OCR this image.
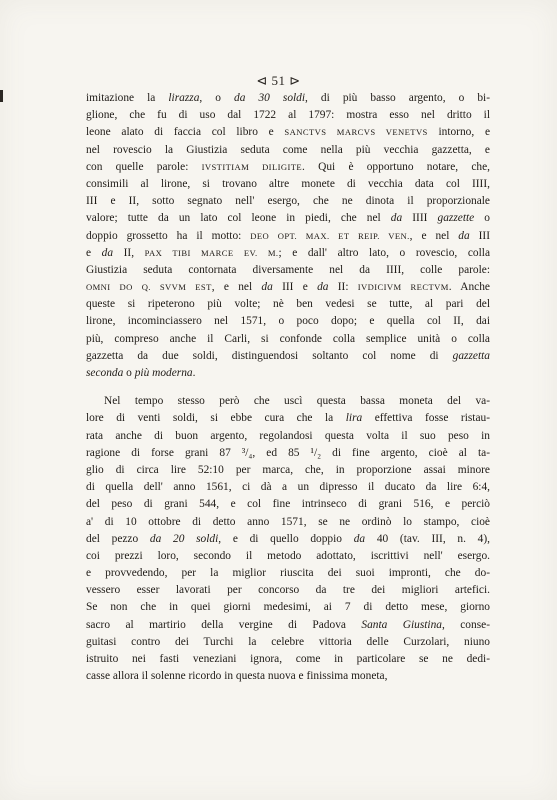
⊲ 51 ⊳
imitazione la lirazza, o da 30 soldi, di più basso argento, o bi-
glione, che fu di uso dal 1722 al 1797: mostra esso nel dritto il
leone alato di faccia col libro e SANCTVS MARCVS VENETVS intorno, e
nel rovescio la Giustizia seduta come nella più vecchia gazzetta, e
con quelle parole: IVSTITIAM DILIGITE. Qui è opportuno notare, che,
consimili al lirone, si trovano altre monete di vecchia data col IIII,
III e II, sotto segnato nell' esergo, che ne dinota il proporzionale
valore; tutte da un lato col leone in piedi, che nel da IIII gazzette o
doppio grossetto ha il motto: DEO OPT. MAX. ET REIP. VEN., e nel da III
e da II, PAX TIBI MARCE EV. M.; e dall' altro lato, o rovescio, colla
Giustizia seduta contornata diversamente nel da IIII, colle parole:
OMNI DO Q. SVVM EST, e nel da III e da II: IVDICIVM RECTVM. Anche
queste si ripeterono più volte; nè ben vedesi se tutte, al pari del
lirone, incominciassero nel 1571, o poco dopo; e quella col II, dai
più, compreso anche il Carli, si confonde colla semplice unità o colla
gazzetta da due soldi, distinguendosi soltanto col nome di gazzetta
seconda o più moderna.
Nel tempo stesso però che uscì questa bassa moneta del va-
lore di venti soldi, si ebbe cura che la lira effettiva fosse ristau-
rata anche di buon argento, regolandosi questa volta il suo peso in
ragione di forse grani 87 ³/₄, ed 85 ¹/₂ di fine argento, cioè al ta-
glio di circa lire 52:10 per marca, che, in proporzione assai minore
di quella dell' anno 1561, ci dà a un dipresso il ducato da lire 6:4,
del peso di grani 544, e col fine intrinseco di grani 516, e perciò
a' di 10 ottobre di detto anno 1571, se ne ordinò lo stampo, cioè
del pezzo da 20 soldi, e di quello doppio da 40 (tav. III, n. 4),
coi prezzi loro, secondo il metodo adottato, iscrittivi nell' esergo.
e provvedendo, per la miglior riuscita dei suoi impronti, che do-
vessero esser lavorati per concorso da tre dei migliori artefici.
Se non che in quei giorni medesimi, ai 7 di detto mese, giorno
sacro al martirio della vergine di Padova Santa Giustina, conse-
guitasi contro dei Turchi la celebre vittoria delle Curzolari, niuno
istruito nei fasti veneziani ignora, come in particolare se ne dedi-
casse allora il solenne ricordo in questa nuova e finissima moneta,
